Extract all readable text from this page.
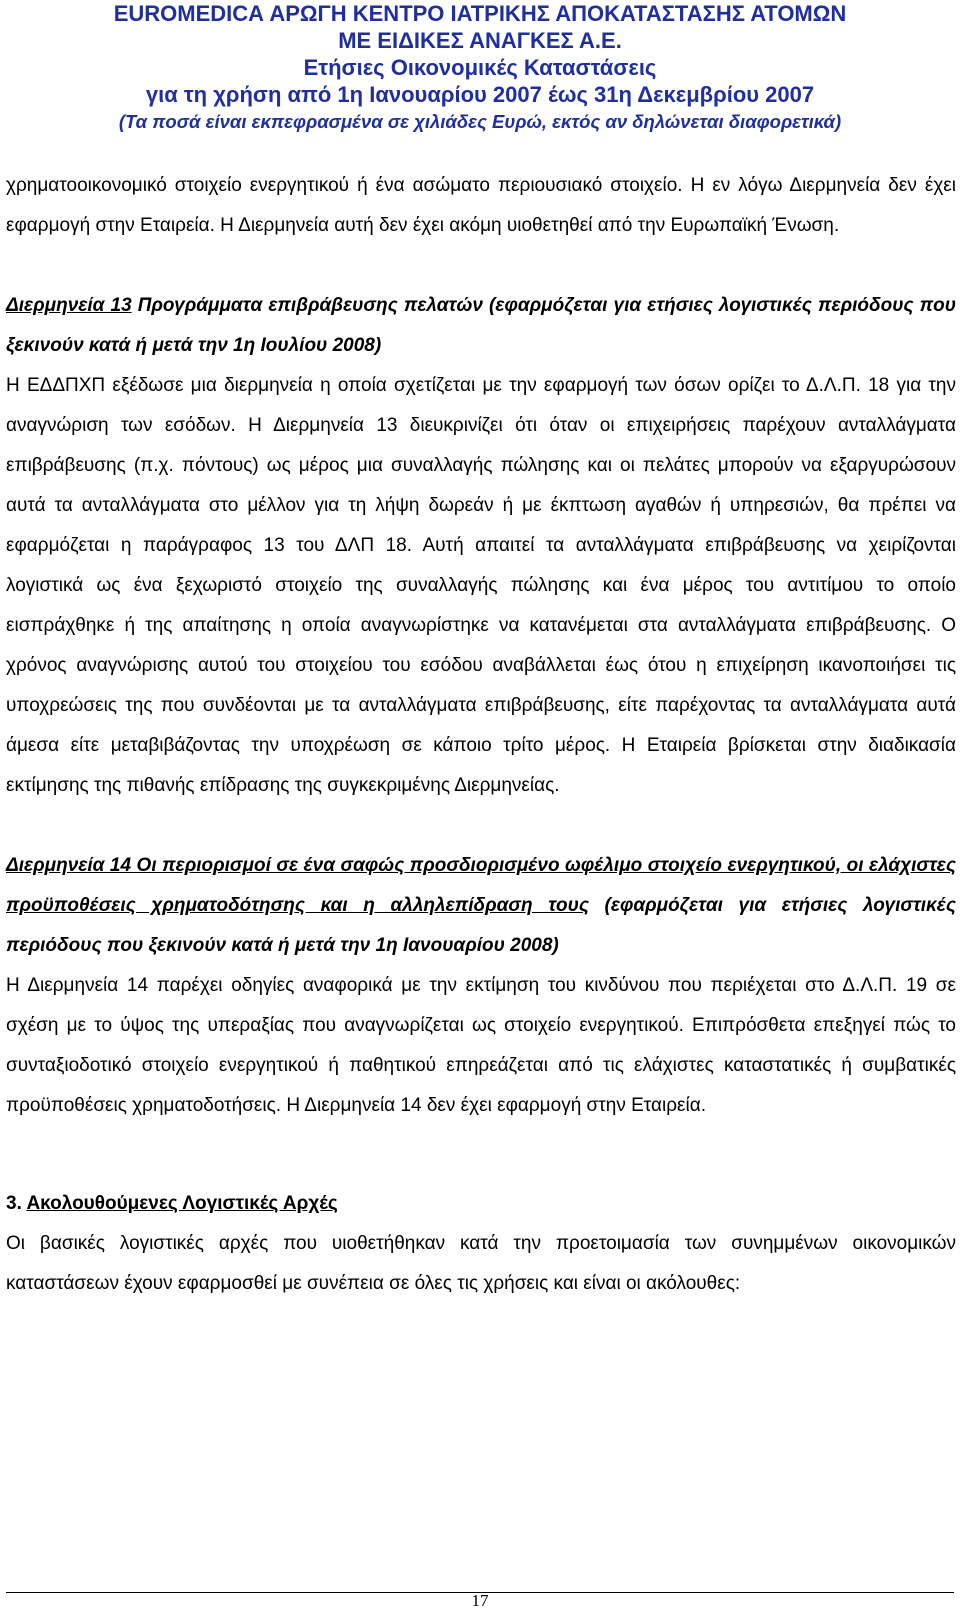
EUROMEDICA ΑΡΩΓΗ ΚΕΝΤΡΟ ΙΑΤΡΙΚΗΣ ΑΠΟΚΑΤΑΣΤΑΣΗΣ ΑΤΟΜΩΝ
ΜΕ ΕΙΔΙΚΕΣ ΑΝΑΓΚΕΣ Α.Ε.
Ετήσιες Οικονομικές Καταστάσεις
για τη χρήση από 1η Ιανουαρίου 2007 έως 31η Δεκεμβρίου 2007
(Τα ποσά είναι εκπεφρασμένα σε χιλιάδες Ευρώ, εκτός αν δηλώνεται διαφορετικά)

χρηματοοικονομικό στοιχείο ενεργητικού ή ένα ασώματο περιουσιακό στοιχείο. Η εν λόγω Διερμηνεία δεν έχει εφαρμογή στην Εταιρεία. Η Διερμηνεία αυτή δεν έχει ακόμη υιοθετηθεί από την Ευρωπαϊκή Ένωση.

Διερμηνεία 13 Προγράμματα επιβράβευσης πελατών (εφαρμόζεται για ετήσιες λογιστικές περιόδους που ξεκινούν κατά ή μετά την 1η Ιουλίου 2008)

Η ΕΔΔΠΧΠ εξέδωσε μια διερμηνεία η οποία σχετίζεται με την εφαρμογή των όσων ορίζει το Δ.Λ.Π. 18 για την αναγνώριση των εσόδων. Η Διερμηνεία 13 διευκρινίζει ότι όταν οι επιχειρήσεις παρέχουν ανταλλάγματα επιβράβευσης (π.χ. πόντους) ως μέρος μια συναλλαγής πώλησης και οι πελάτες μπορούν να εξαργυρώσουν αυτά τα ανταλλάγματα στο μέλλον για τη λήψη δωρεάν ή με έκπτωση αγαθών ή υπηρεσιών, θα πρέπει να εφαρμόζεται η παράγραφος 13 του ΔΛΠ 18. Αυτή απαιτεί τα ανταλλάγματα επιβράβευσης να χειρίζονται λογιστικά ως ένα ξεχωριστό στοιχείο της συναλλαγής πώλησης και ένα μέρος του αντιτίμου το οποίο εισπράχθηκε ή της απαίτησης η οποία αναγνωρίστηκε να κατανέμεται στα ανταλλάγματα επιβράβευσης. Ο χρόνος αναγνώρισης αυτού του στοιχείου του εσόδου αναβάλλεται έως ότου η επιχείρηση ικανοποιήσει τις υποχρεώσεις της που συνδέονται με τα ανταλλάγματα επιβράβευσης, είτε παρέχοντας τα ανταλλάγματα αυτά άμεσα είτε μεταβιβάζοντας την υποχρέωση σε κάποιο τρίτο μέρος. Η Εταιρεία βρίσκεται στην διαδικασία εκτίμησης της πιθανής επίδρασης της συγκεκριμένης Διερμηνείας.

Διερμηνεία 14 Οι περιορισμοί σε ένα σαφώς προσδιορισμένο ωφέλιμο στοιχείο ενεργητικού, οι ελάχιστες προϋποθέσεις χρηματοδότησης και η αλληλεπίδραση τους (εφαρμόζεται για ετήσιες λογιστικές περιόδους που ξεκινούν κατά ή μετά την 1η Ιανουαρίου 2008)

Η Διερμηνεία 14 παρέχει οδηγίες αναφορικά με την εκτίμηση του κινδύνου που περιέχεται στο Δ.Λ.Π. 19 σε σχέση με το ύψος της υπεραξίας που αναγνωρίζεται ως στοιχείο ενεργητικού. Επιπρόσθετα επεξηγεί πώς το συνταξιοδοτικό στοιχείο ενεργητικού ή παθητικού επηρεάζεται από τις ελάχιστες καταστατικές ή συμβατικές προϋποθέσεις χρηματοδοτήσεις. Η Διερμηνεία 14 δεν έχει εφαρμογή στην Εταιρεία.

3. Ακολουθούμενες Λογιστικές Αρχές

Οι βασικές λογιστικές αρχές που υιοθετήθηκαν κατά την προετοιμασία των συνημμένων οικονομικών καταστάσεων έχουν εφαρμοσθεί με συνέπεια σε όλες τις χρήσεις και είναι οι ακόλουθες:

17
